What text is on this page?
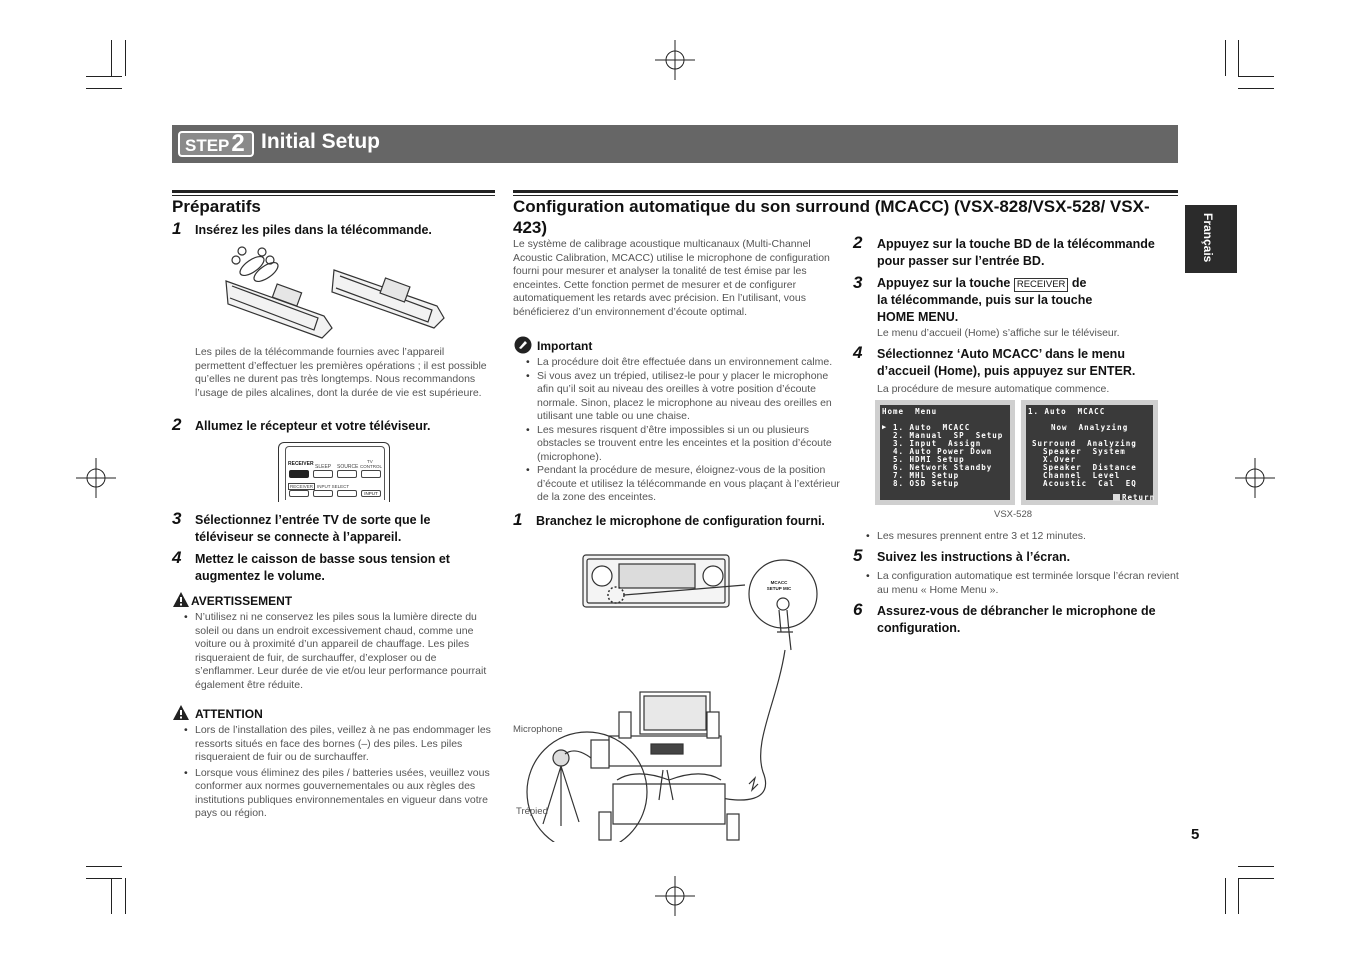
STEP2 Initial Setup
Français
Préparatifs
1 Insérez les piles dans la télécommande.
Les piles de la télécommande fournies avec l’appareil permettent d’effectuer les premières opérations ; il est possible qu’elles ne durent pas très longtemps. Nous recommandons l’usage de piles alcalines, dont la durée de vie est supérieure.
2 Allumez le récepteur et votre téléviseur.
RECEIVER SLEEP SOURCE
TV
CONTROL
RECEIVER INPUT SELECT
INPUT
3 Sélectionnez l’entrée TV de sorte que le téléviseur se connecte à l’appareil.
4 Mettez le caisson de basse sous tension et augmentez le volume.
AVERTISSEMENT
• N’utilisez ni ne conservez les piles sous la lumière directe du soleil ou dans un endroit excessivement chaud, comme une voiture ou à proximité d’un appareil de chauffage. Les piles risqueraient de fuir, de surchauffer, d’exploser ou de s’enflammer. Leur durée de vie et/ou leur performance pourrait également être réduite.
ATTENTION
• Lors de l’installation des piles, veillez à ne pas endommager les ressorts situés en face des bornes (–) des piles. Les piles risqueraient de fuir ou de surchauffer.
• Lorsque vous éliminez des piles / batteries usées, veuillez vous conformer aux normes gouvernementales ou aux règles des institutions publiques environnementales en vigueur dans votre pays ou région.
Configuration automatique du son surround (MCACC) (VSX-828/VSX-528/ VSX-423)
Le système de calibrage acoustique multicanaux (Multi-Channel Acoustic Calibration, MCACC) utilise le microphone de configuration fourni pour mesurer et analyser la tonalité de test émise par les enceintes. Cette fonction permet de mesurer et de configurer automatiquement les retards avec précision. En l’utilisant, vous bénéficierez d’un environnement d’écoute optimal.
Important
• La procédure doit être effectuée dans un environnement calme.
• Si vous avez un trépied, utilisez-le pour y placer le microphone afin qu’il soit au niveau des oreilles à votre position d’écoute normale. Sinon, placez le microphone au niveau des oreilles en utilisant une table ou une chaise.
• Les mesures risquent d’être impossibles si un ou plusieurs obstacles se trouvent entre les enceintes et la position d’écoute (microphone).
• Pendant la procédure de mesure, éloignez-vous de la position d’écoute et utilisez la télécommande en vous plaçant à l’extérieur de la zone des enceintes.
1 Branchez le microphone de configuration fourni.
MCACC
SETUP MIC
Microphone
Trépied
2 Appuyez sur la touche BD de la télécommande pour passer sur l’entrée BD.
3 Appuyez sur la touche RECEIVER de
la télécommande, puis sur la touche
HOME MENU.
Le menu d’accueil (Home) s’affiche sur le téléviseur.
4 Sélectionnez ‘Auto MCACC’ dans le menu d’accueil (Home), puis appuyez sur ENTER.
La procédure de mesure automatique commence.
Home  Menu
▶ 1. Auto  MCACC
2. Manual  SP  Setup
3. Input  Assign
4. Auto Power Down
5. HDMI Setup
6. Network Standby
7. MHL Setup
8. OSD Setup
1. Auto  MCACC
Now  Analyzing
Surround  Analyzing
Speaker  System
X.Over
Speaker  Distance
Channel  Level
Acoustic  Cal  EQ
Return
VSX-528
• Les mesures prennent entre 3 et 12 minutes.
5 Suivez les instructions à l’écran.
• La configuration automatique est terminée lorsque l’écran revient au menu « Home Menu ».
6 Assurez-vous de débrancher le microphone de configuration.
5
